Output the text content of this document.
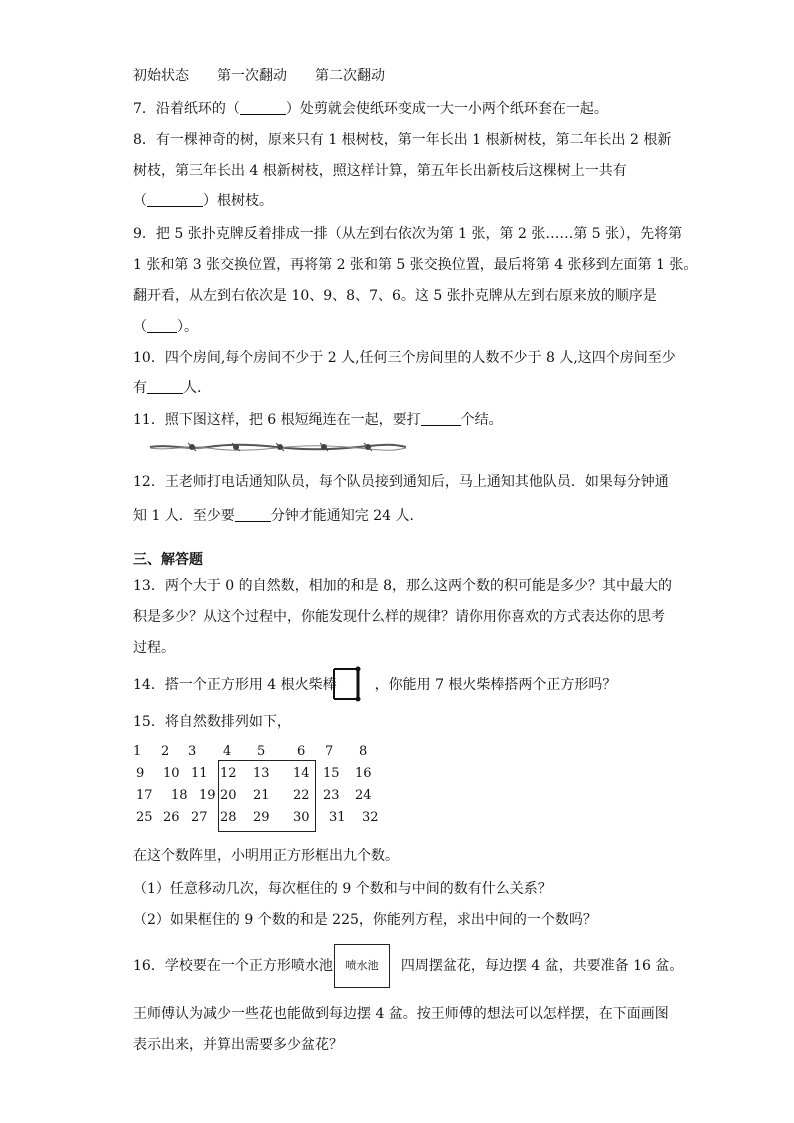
初始状态　　第一次翻动　　第二次翻动
7．沿着纸环的（	）处剪就会使纸环变成一大一小两个纸环套在一起。
8．有一棵神奇的树，原来只有 1 根树枝，第一年长出 1 根新树枝，第二年长出 2 根新
树枝，第三年长出 4 根新树枝，照这样计算，第五年长出新枝后这棵树上一共有
（	）根树枝。
9．把 5 张扑克牌反着排成一排（从左到右依次为第 1 张，第 2 张……第 5 张），先将第
1 张和第 3 张交换位置，再将第 2 张和第 5 张交换位置，最后将第 4 张移到左面第 1 张。
翻开看，从左到右依次是 10、9、8、7、6。这 5 张扑克牌从左到右原来放的顺序是
（ ）。
10．四个房间,每个房间不少于 2 人,任何三个房间里的人数不少于 8 人,这四个房间至少
有	人.
11．照下图这样，把 6 根短绳连在一起，要打	个结。
12．王老师打电话通知队员，每个队员接到通知后，马上通知其他队员．如果每分钟通
知 1 人．至少要	分钟才能通知完 24 人．
三、解答题
13．两个大于 0 的自然数，相加的和是 8，那么这两个数的积可能是多少？其中最大的
积是多少？从这个过程中，你能发现什么样的规律？请你用你喜欢的方式表达你的思考
过程。
14．搭一个正方形用 4 根火柴棒	，你能用 7 根火柴棒搭两个正方形吗？
15．将自然数排列如下，
1 2 3 4 5 6 7 8
9 10 11 12 13 14 15 16
17 18 19 20 21 22 23 24
25 26 27 28 29 30 31 32
在这个数阵里，小明用正方形框出九个数。
（1）任意移动几次，每次框住的 9 个数和与中间的数有什么关系？
（2）如果框住的 9 个数的和是 225，你能列方程，求出中间的一个数吗？
16．学校要在一个正方形喷水池	四周摆盆花，每边摆 4 盆，共要准备 16 盆。
喷水池
王师傅认为减少一些花也能做到每边摆 4 盆。按王师傅的想法可以怎样摆，在下面画图
表示出来，并算出需要多少盆花？
